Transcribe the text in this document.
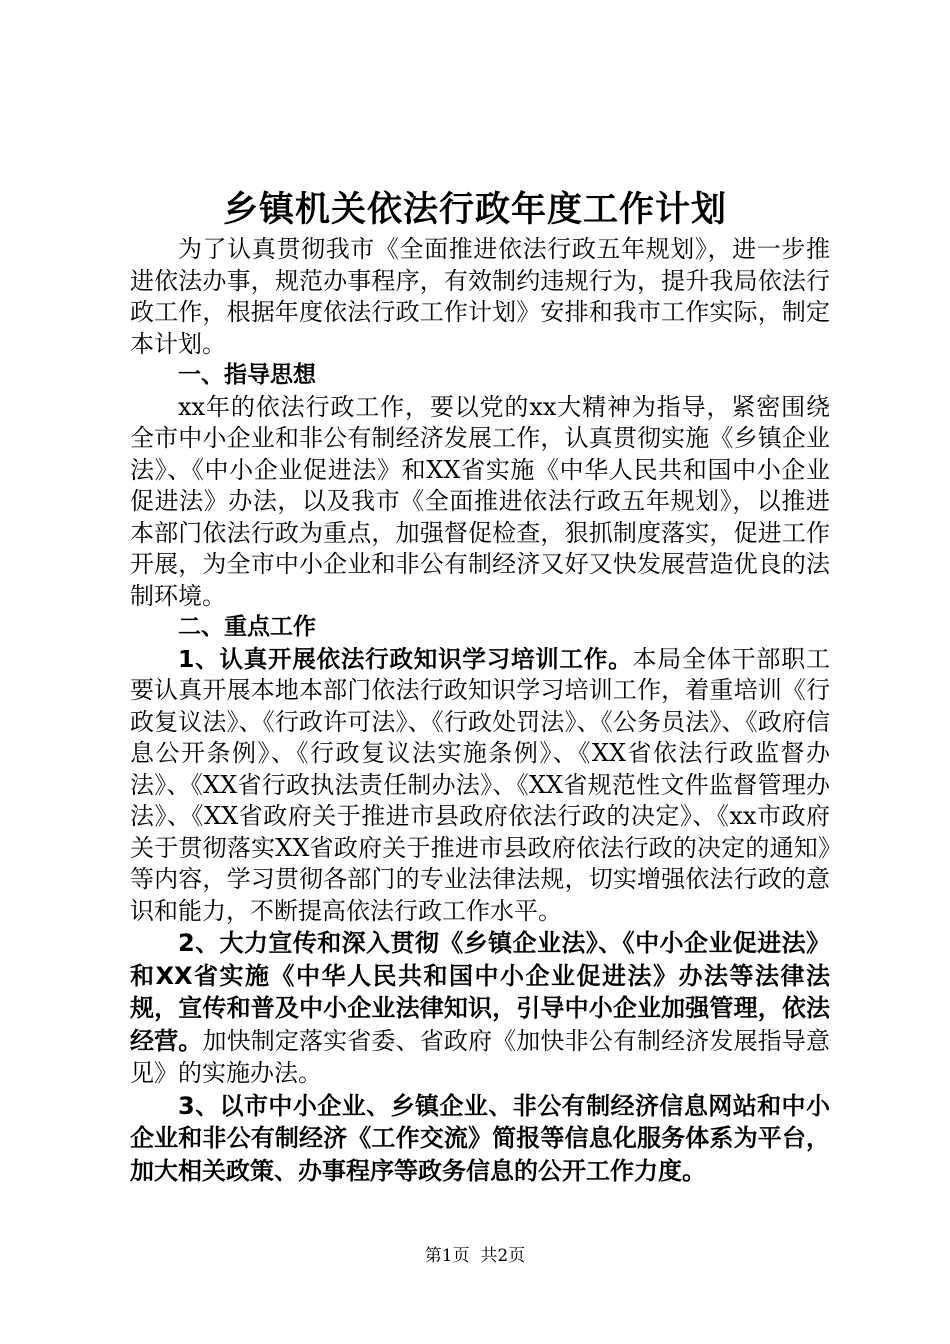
乡镇机关依法行政年度工作计划

为了认真贯彻我市《全面推进依法行政五年规划》，进一步推进依法办事，规范办事程序，有效制约违规行为，提升我局依法行政工作，根据年度依法行政工作计划》安排和我市工作实际，制定本计划。

一、指导思想

xx年的依法行政工作，要以党的xx大精神为指导，紧密围绕全市中小企业和非公有制经济发展工作，认真贯彻实施《乡镇企业法》、《中小企业促进法》和XX省实施《中华人民共和国中小企业促进法》办法，以及我市《全面推进依法行政五年规划》，以推进本部门依法行政为重点，加强督促检查，狠抓制度落实，促进工作开展，为全市中小企业和非公有制经济又好又快发展营造优良的法制环境。

二、重点工作

1、认真开展依法行政知识学习培训工作。本局全体干部职工要认真开展本地本部门依法行政知识学习培训工作，着重培训《行政复议法》、《行政许可法》、《行政处罚法》、《公务员法》、《政府信息公开条例》、《行政复议法实施条例》、《XX省依法行政监督办法》、《XX省行政执法责任制办法》、《XX省规范性文件监督管理办法》、《XX省政府关于推进市县政府依法行政的决定》、《xx市政府关于贯彻落实XX省政府关于推进市县政府依法行政的决定的通知》等内容，学习贯彻各部门的专业法律法规，切实增强依法行政的意识和能力，不断提高依法行政工作水平。

2、大力宣传和深入贯彻《乡镇企业法》、《中小企业促进法》和XX省实施《中华人民共和国中小企业促进法》办法等法律法规，宣传和普及中小企业法律知识，引导中小企业加强管理，依法经营。加快制定落实省委、省政府《加快非公有制经济发展指导意见》的实施办法。

3、以市中小企业、乡镇企业、非公有制经济信息网站和中小企业和非公有制经济《工作交流》简报等信息化服务体系为平台，加大相关政策、办事程序等政务信息的公开工作力度。

第1页  共2页
